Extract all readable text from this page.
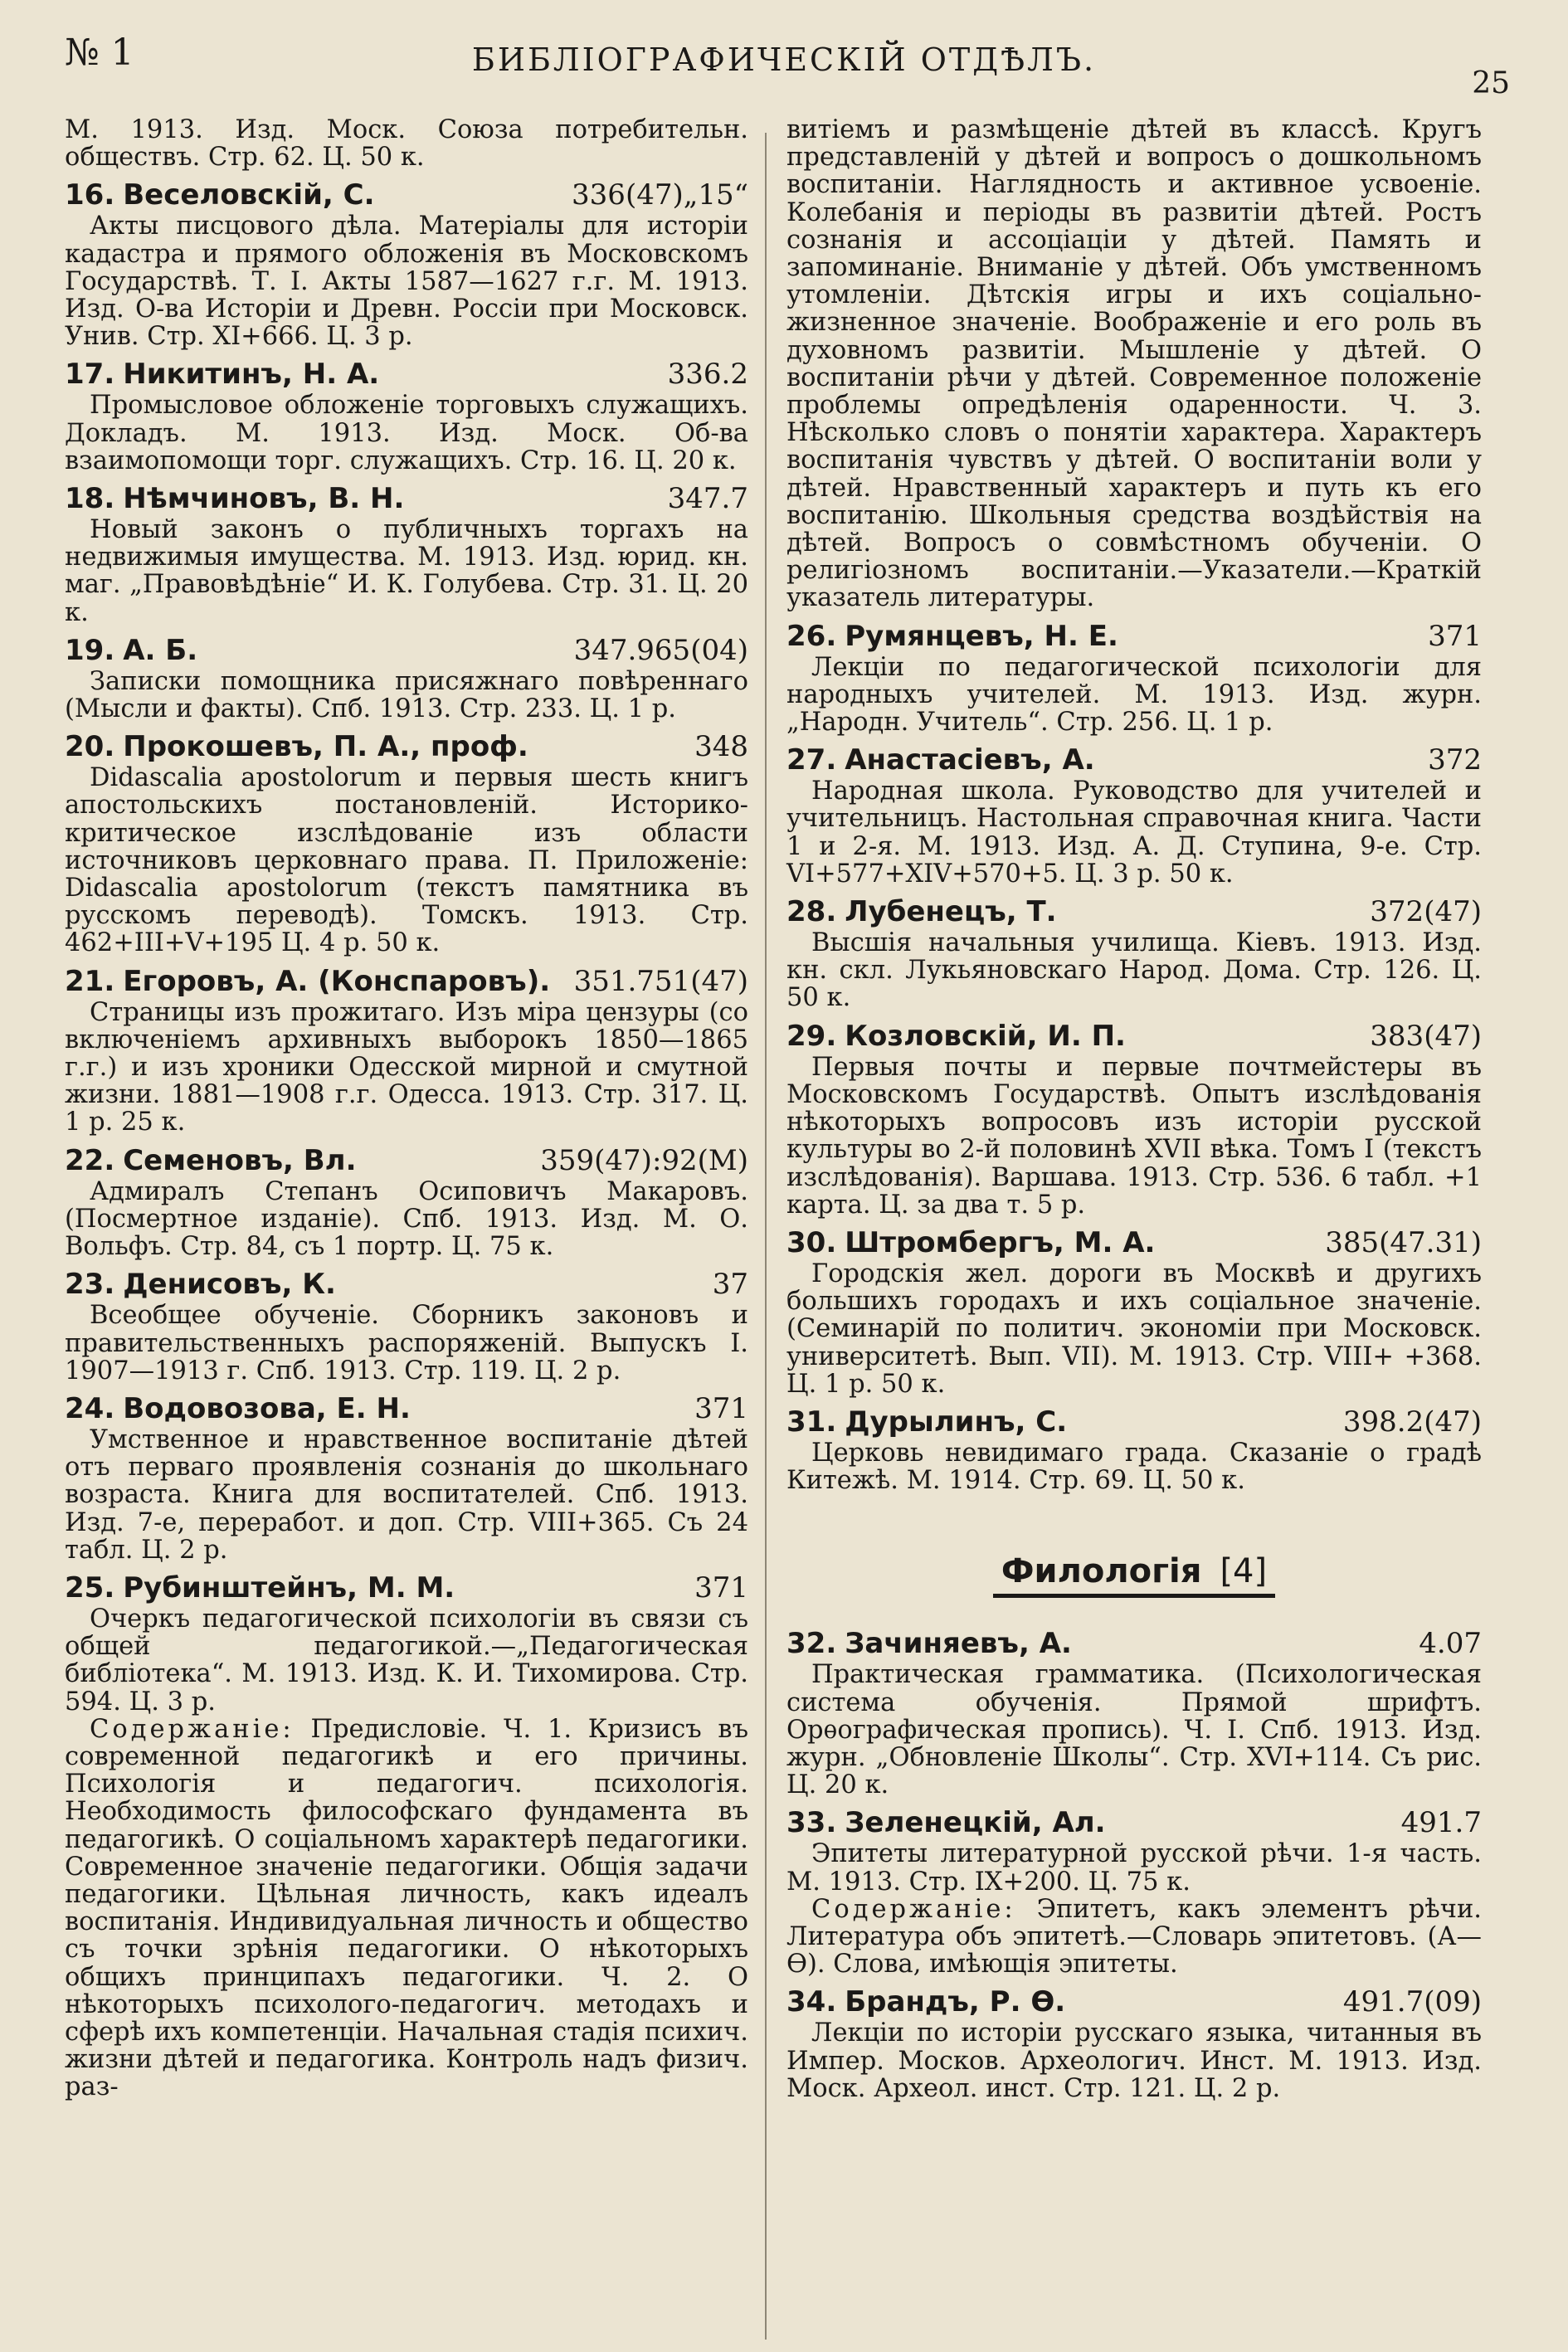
№ 1	БИБЛІОГРАФИЧЕСКІЙ ОТДѢЛЪ.
25

М. 1913. Изд. Моск. Союза потребительн. обществъ. Стр. 62. Ц. 50 к.

16. Веселовскій, С.	336(47)„15“

Акты писцового дѣла. Матеріалы для исторіи кадастра и прямого обложенія въ Московскомъ Государствѣ. Т. I. Акты 1587—1627 г.г. М. 1913. Изд. О-ва Исторіи и Древн. Россіи при Московск. Унив. Стр. XI+666. Ц. 3 р.

17. Никитинъ, Н. А.	336.2

Промысловое обложеніе торговыхъ служащихъ. Докладъ. М. 1913. Изд. Моск. Об-ва взаимопомощи торг. служащихъ. Стр. 16. Ц. 20 к.

18. Нѣмчиновъ, В. Н.	347.7

Новый законъ о публичныхъ торгахъ на недвижимыя имущества. М. 1913. Изд. юрид. кн. маг. „Правовѣдѣніе“ И. К. Голубева. Стр. 31. Ц. 20 к.

19. А. Б.	347.965(04)

Записки помощника присяжнаго повѣреннаго (Мысли и факты). Спб. 1913. Стр. 233. Ц. 1 р.

20. Прокошевъ, П. А., проф.	348

Didascalia apostolorum и первыя шесть книгъ апостольскихъ постановленій. Историко-критическое изслѣдованіе изъ области источниковъ церковнаго права. П. Приложеніе: Didascalia apostolorum (текстъ памятника въ русскомъ переводѣ). Томскъ. 1913. Стр. 462+III+V+195 Ц. 4 р. 50 к.

21. Егоровъ, А. (Конспаровъ). 351.751(47)

Страницы изъ прожитаго. Изъ міра цензуры (со включеніемъ архивныхъ выборокъ 1850—1865 г.г.) и изъ хроники Одесской мирной и смутной жизни. 1881—1908 г.г. Одесса. 1913. Стр. 317. Ц. 1 р. 25 к.

22. Семеновъ, Вл.	359(47):92(М)

Адмиралъ Степанъ Осиповичъ Макаровъ. (Посмертное изданіе). Спб. 1913. Изд. М. О. Вольфъ. Стр. 84, съ 1 портр. Ц. 75 к.

23. Денисовъ, К.	37

Всеобщее обученіе. Сборникъ законовъ и правительственныхъ распоряженій. Выпускъ I. 1907—1913 г. Спб. 1913. Стр. 119. Ц. 2 р.

24. Водовозова, Е. Н.	371

Умственное и нравственное воспитаніе дѣтей отъ перваго проявленія сознанія до школьнаго возраста. Книга для воспитателей. Спб. 1913. Изд. 7-е, переработ. и доп. Стр. VIII+365. Съ 24 табл. Ц. 2 р.

25. Рубинштейнъ, М. М.	371

Очеркъ педагогической психологіи въ связи съ общей педагогикой.—„Педагогическая библіотека“. М. 1913. Изд. К. И. Тихомирова. Стр. 594. Ц. 3 р.

Содержаніе: Предисловіе. Ч. 1. Кризисъ въ современной педагогикѣ и его причины. Психологія и педагогич. психологія. Необходимость философскаго фундамента въ педагогикѣ. О соціальномъ характерѣ педагогики. Современное значеніе педагогики. Общія задачи педагогики. Цѣльная личность, какъ идеалъ воспитанія. Индивидуальная личность и общество съ точки зрѣнія педагогики. О нѣкоторыхъ общихъ принципахъ педагогики. Ч. 2. О нѣкоторыхъ психолого-педагогич. методахъ и сферѣ ихъ компетенціи. Начальная стадія психич. жизни дѣтей и педагогика. Контроль надъ физич. раз-

витіемъ и размѣщеніе дѣтей въ классѣ. Кругъ представленій у дѣтей и вопросъ о дошкольномъ воспитаніи. Наглядность и активное усвоеніе. Колебанія и періоды въ развитіи дѣтей. Ростъ сознанія и ассоціаціи у дѣтей. Память и запоминаніе. Вниманіе у дѣтей. Объ умственномъ утомленіи. Дѣтскія игры и ихъ соціально-жизненное значеніе. Воображеніе и его роль въ духовномъ развитіи. Мышленіе у дѣтей. О воспитаніи рѣчи у дѣтей. Современное положеніе проблемы опредѣленія одаренности. Ч. 3. Нѣсколько словъ о понятіи характера. Характеръ воспитанія чувствъ у дѣтей. О воспитаніи воли у дѣтей. Нравственный характеръ и путь къ его воспитанію. Школьныя средства воздѣйствія на дѣтей. Вопросъ о совмѣстномъ обученіи. О религіозномъ воспитаніи.—Указатели.—Краткій указатель литературы.

26. Румянцевъ, Н. Е.	371

Лекціи по педагогической психологіи для народныхъ учителей. М. 1913. Изд. журн. „Народн. Учитель“. Стр. 256. Ц. 1 р.

27. Анастасіевъ, А.	372

Народная школа. Руководство для учителей и учительницъ. Настольная справочная книга. Части 1 и 2-я. М. 1913. Изд. А. Д. Ступина, 9-е. Стр. VI+577+XIV+570+5. Ц. 3 р. 50 к.

28. Лубенецъ, Т.	372(47)

Высшія начальныя училища. Кіевъ. 1913. Изд. кн. скл. Лукьяновскаго Народ. Дома. Стр. 126. Ц. 50 к.

29. Козловскій, И. П.	383(47)

Первыя почты и первые почтмейстеры въ Московскомъ Государствѣ. Опытъ изслѣдованія нѣкоторыхъ вопросовъ изъ исторіи русской культуры во 2-й половинѣ XVII вѣка. Томъ I (текстъ изслѣдованія). Варшава. 1913. Стр. 536. 6 табл. +1 карта. Ц. за два т. 5 р.

30. Штромбергъ, М. А.	385(47.31)

Городскія жел. дороги въ Москвѣ и другихъ большихъ городахъ и ихъ соціальное значеніе. (Семинарій по политич. экономіи при Московск. университетѣ. Вып. VII). М. 1913. Стр. VIII+ +368. Ц. 1 р. 50 к.

31. Дурылинъ, С.	398.2(47)

Церковь невидимаго града. Сказаніе о градѣ Китежѣ. М. 1914. Стр. 69. Ц. 50 к.

Филологія [4]
32. Зачиняевъ, А.	4.07

Практическая грамматика. (Психологическая система обученія. Прямой шрифтъ. Орѳографическая пропись). Ч. I. Спб. 1913. Изд. журн. „Обновленіе Школы“. Стр. XVI+114. Съ рис. Ц. 20 к.

33. Зеленецкій, Ал.	491.7

Эпитеты литературной русской рѣчи. 1-я часть. М. 1913. Стр. IX+200. Ц. 75 к.

Содержаніе: Эпитетъ, какъ элементъ рѣчи. Литература объ эпитетѣ.—Словарь эпитетовъ. (А—Ѳ). Слова, имѣющія эпитеты.

34. Брандъ, Р. Ѳ.	491.7(09)

Лекціи по исторіи русскаго языка, читанныя въ Импер. Москов. Археологич. Инст. М. 1913. Изд. Моск. Археол. инст. Стр. 121. Ц. 2 р.
